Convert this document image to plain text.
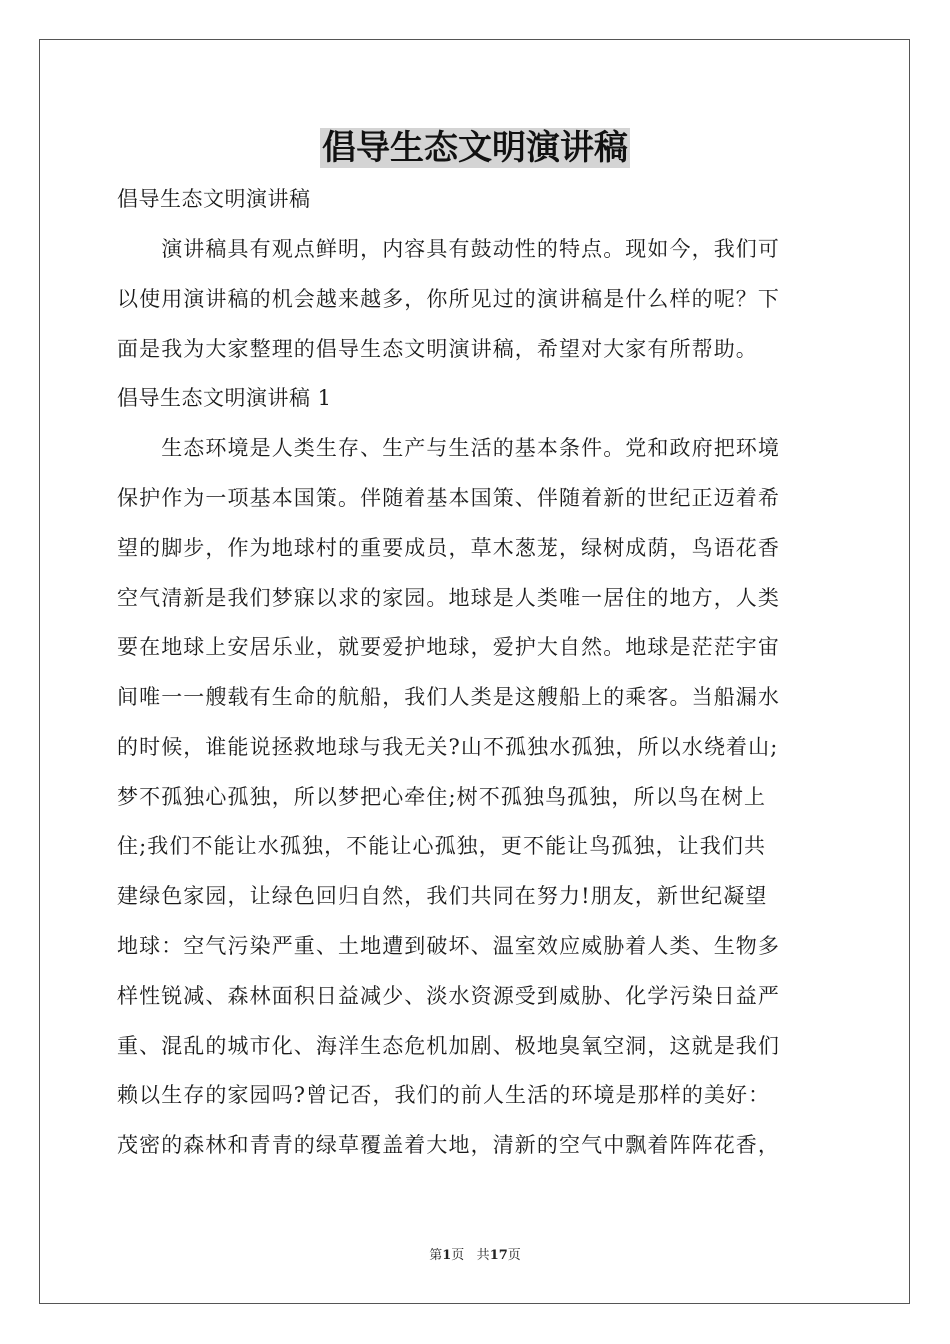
倡导生态文明演讲稿
倡导生态文明演讲稿
　　演讲稿具有观点鲜明，内容具有鼓动性的特点。现如今，我们可
以使用演讲稿的机会越来越多，你所见过的演讲稿是什么样的呢？下
面是我为大家整理的倡导生态文明演讲稿，希望对大家有所帮助。
倡导生态文明演讲稿 1
　　生态环境是人类生存、生产与生活的基本条件。党和政府把环境
保护作为一项基本国策。伴随着基本国策、伴随着新的世纪正迈着希
望的脚步，作为地球村的重要成员，草木葱茏，绿树成荫，鸟语花香
空气清新是我们梦寐以求的家园。地球是人类唯一居住的地方，人类
要在地球上安居乐业，就要爱护地球，爱护大自然。地球是茫茫宇宙
间唯一一艘载有生命的航船，我们人类是这艘船上的乘客。当船漏水
的时候，谁能说拯救地球与我无关?山不孤独水孤独，所以水绕着山;
梦不孤独心孤独，所以梦把心牵住;树不孤独鸟孤独，所以鸟在树上
住;我们不能让水孤独，不能让心孤独，更不能让鸟孤独，让我们共
建绿色家园，让绿色回归自然，我们共同在努力!朋友，新世纪凝望
地球：空气污染严重、土地遭到破坏、温室效应威胁着人类、生物多
样性锐减、森林面积日益减少、淡水资源受到威胁、化学污染日益严
重、混乱的城市化、海洋生态危机加剧、极地臭氧空洞，这就是我们
赖以生存的家园吗?曾记否，我们的前人生活的环境是那样的美好：
茂密的森林和青青的绿草覆盖着大地，清新的空气中飘着阵阵花香，
第1页 共17页
